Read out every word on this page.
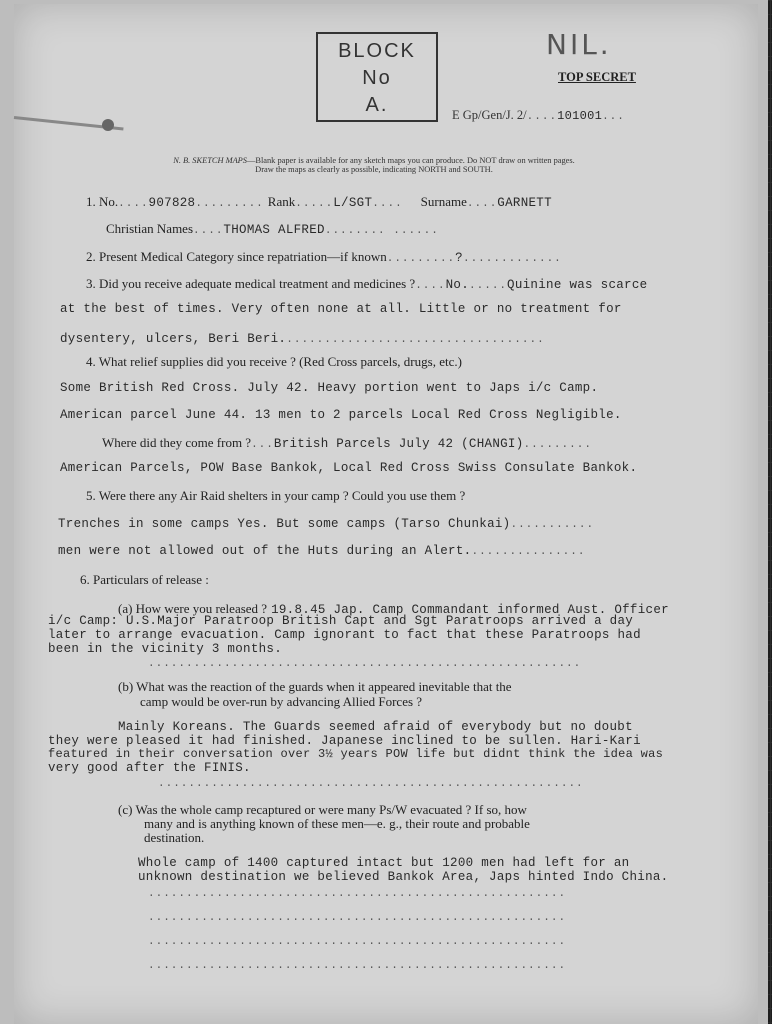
BLOCK
No
A.
NIL.
TOP SECRET
E Gp/Gen/J. 2/....101001...
N. B. SKETCH MAPS—Blank paper is available for any sketch maps you can produce. Do NOT draw on written pages.
Draw the maps as clearly as possible, indicating NORTH and SOUTH.
1. No.....907828......... Rank.....L/SGT.... Surname....GARNETT
Christian Names....THOMAS ALFRED........ ......
2. Present Medical Category since repatriation—if known.........?.............
3. Did you receive adequate medical treatment and medicines ?....No......Quinine was scarce
at the best of times. Very often none at all. Little or no treatment for
dysentery, ulcers, Beri Beri...................................
4. What relief supplies did you receive ? (Red Cross parcels, drugs, etc.)
Some British Red Cross. July 42. Heavy portion went to Japs i/c Camp.
American parcel June 44. 13 men to 2 parcels Local Red Cross Negligible.
Where did they come from ?...British Parcels July 42 (CHANGI).........
American Parcels, POW Base Bankok, Local Red Cross Swiss Consulate Bankok.
5. Were there any Air Raid shelters in your camp ? Could you use them ?
Trenches in some camps Yes. But some camps (Tarso Chunkai)...........
men were not allowed out of the Huts during an Alert................
6. Particulars of release :
(a) How were you released ? 19.8.45 Jap. Camp Commandant informed Aust. Officer
i/c Camp: U.S.Major Paratroop British Capt and Sgt Paratroops arrived a day
later to arrange evacuation. Camp ignorant to fact that these Paratroops had
been in the vicinity 3 months.
.........................................................
(b) What was the reaction of the guards when it appeared inevitable that the
camp would be over-run by advancing Allied Forces ?
Mainly Koreans. The Guards seemed afraid of everybody but no doubt
they were pleased it had finished. Japanese inclined to be sullen. Hari-Kari
featured in their conversation over 3½ years POW life but didnt think the idea was
very good after the FINIS.
........................................................
(c) Was the whole camp recaptured or were many Ps/W evacuated ? If so, how
many and is anything known of these men—e. g., their route and probable
destination.
Whole camp of 1400 captured intact but 1200 men had left for an
unknown destination we believed Bankok Area, Japs hinted Indo China.
.......................................................
.......................................................
.......................................................
.......................................................
